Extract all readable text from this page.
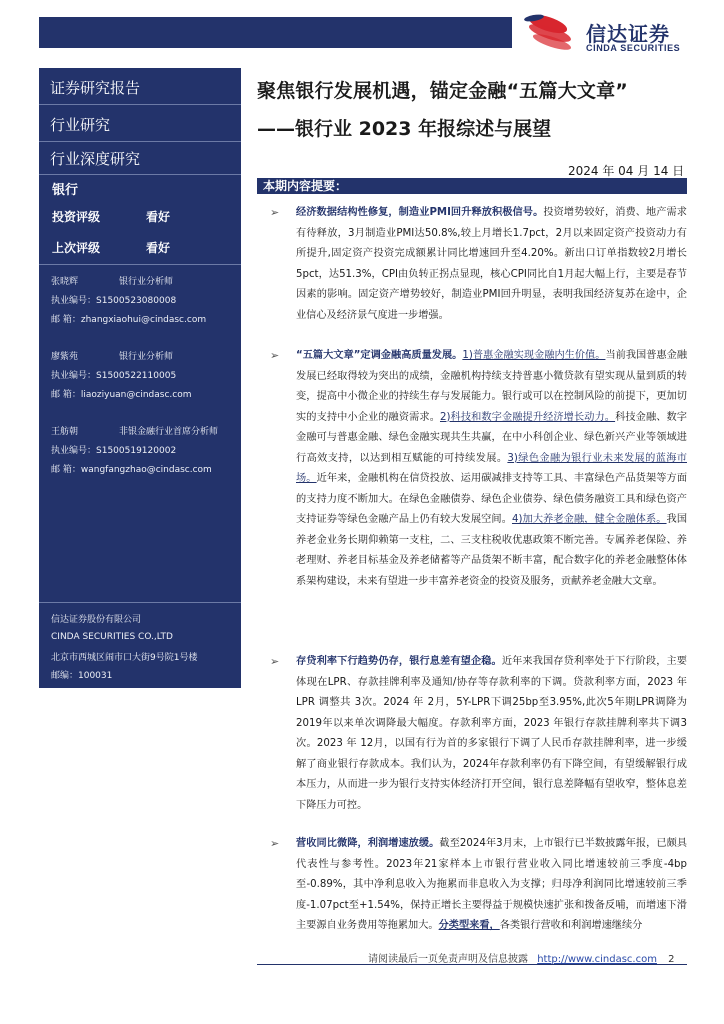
信达证券
CINDA SECURITIES
证券研究报告
行业研究
行业深度研究
银行
投资评级	看好
上次评级	看好
张晓辉	银行业分析师
执业编号：S1500523080008
邮 箱：zhangxiaohui@cindasc.com
廖紫苑	银行业分析师
执业编号：S1500522110005
邮 箱：liaoziyuan@cindasc.com
王舫朝	非银金融行业首席分析师
执业编号：S1500519120002
邮 箱：wangfangzhao@cindasc.com
信达证券股份有限公司
CINDA SECURITIES CO.,LTD
北京市西城区闹市口大街9号院1号楼
邮编：100031
聚焦银行发展机遇，锚定金融“五篇大文章”
——银行业 2023 年报综述与展望
2024 年 04 月 14 日
本期内容提要：
➢ 经济数据结构性修复，制造业PMI回升释放积极信号。投资增势较好，消费、地产需求有待释放，3月制造业PMI达50.8%,较上月增长1.7pct，2月以来固定资产投资动力有所提升,固定资产投资完成额累计同比增速回升至4.20%。新出口订单指数较2月增长5pct，达51.3%，CPI由负转正拐点显现，核心CPI同比自1月起大幅上行，主要是春节因素的影响。固定资产增势较好，制造业PMI回升明显，表明我国经济复苏在途中，企业信心及经济景气度进一步增强。
➢ “五篇大文章”定调金融高质量发展。1)普惠金融实现金融内生价值。当前我国普惠金融发展已经取得较为突出的成绩，金融机构持续支持普惠小微贷款有望实现从量到质的转变，提高中小微企业的持续生存与发展能力。银行或可以在控制风险的前提下，更加切实的支持中小企业的融资需求。2)科技和数字金融提升经济增长动力。科技金融、数字金融可与普惠金融、绿色金融实现共生共赢，在中小科创企业、绿色新兴产业等领域进行高效支持，以达到相互赋能的可持续发展。3)绿色金融为银行业未来发展的蓝海市场。近年来，金融机构在信贷投放、运用碳减排支持等工具、丰富绿色产品货架等方面的支持力度不断加大。在绿色金融债券、绿色企业债券、绿色债务融资工具和绿色资产支持证券等绿色金融产品上仍有较大发展空间。4)加大养老金融，健全金融体系。我国养老金业务长期仰赖第一支柱，二、三支柱税收优惠政策不断完善。专属养老保险、养老理财、养老目标基金及养老储蓄等产品货架不断丰富，配合数字化的养老金融整体体系架构建设，未来有望进一步丰富养老资金的投资及服务，贡献养老金融大文章。
➢ 存贷利率下行趋势仍存，银行息差有望企稳。近年来我国存贷利率处于下行阶段，主要体现在LPR、存款挂牌利率及通知/协存等存款利率的下调。贷款利率方面，2023 年 LPR 调整共 3次。2024 年 2月，5Y-LPR下调25bp至3.95%,此次5年期LPR调降为2019年以来单次调降最大幅度。存款利率方面，2023 年银行存款挂牌利率共下调3次。2023 年 12月，以国有行为首的多家银行下调了人民币存款挂牌利率，进一步缓解了商业银行存款成本。我们认为，2024年存款利率仍有下降空间，有望缓解银行成本压力，从而进一步为银行支持实体经济打开空间，银行息差降幅有望收窄，整体息差下降压力可控。
➢ 营收同比微降，利润增速放缓。截至2024年3月末，上市银行已半数披露年报，已颇具代表性与参考性。2023年21家样本上市银行营业收入同比增速较前三季度-4bp至-0.89%，其中净利息收入为拖累而非息收入为支撑；归母净利润同比增速较前三季度-1.07pct至+1.54%，保持正增长主要得益于规模快速扩张和拨备反哺，而增速下滑主要源自业务费用等拖累加大。分类型来看，各类银行营收和利润增速继续分
请阅读最后一页免责声明及信息披露 http://www.cindasc.com 2
